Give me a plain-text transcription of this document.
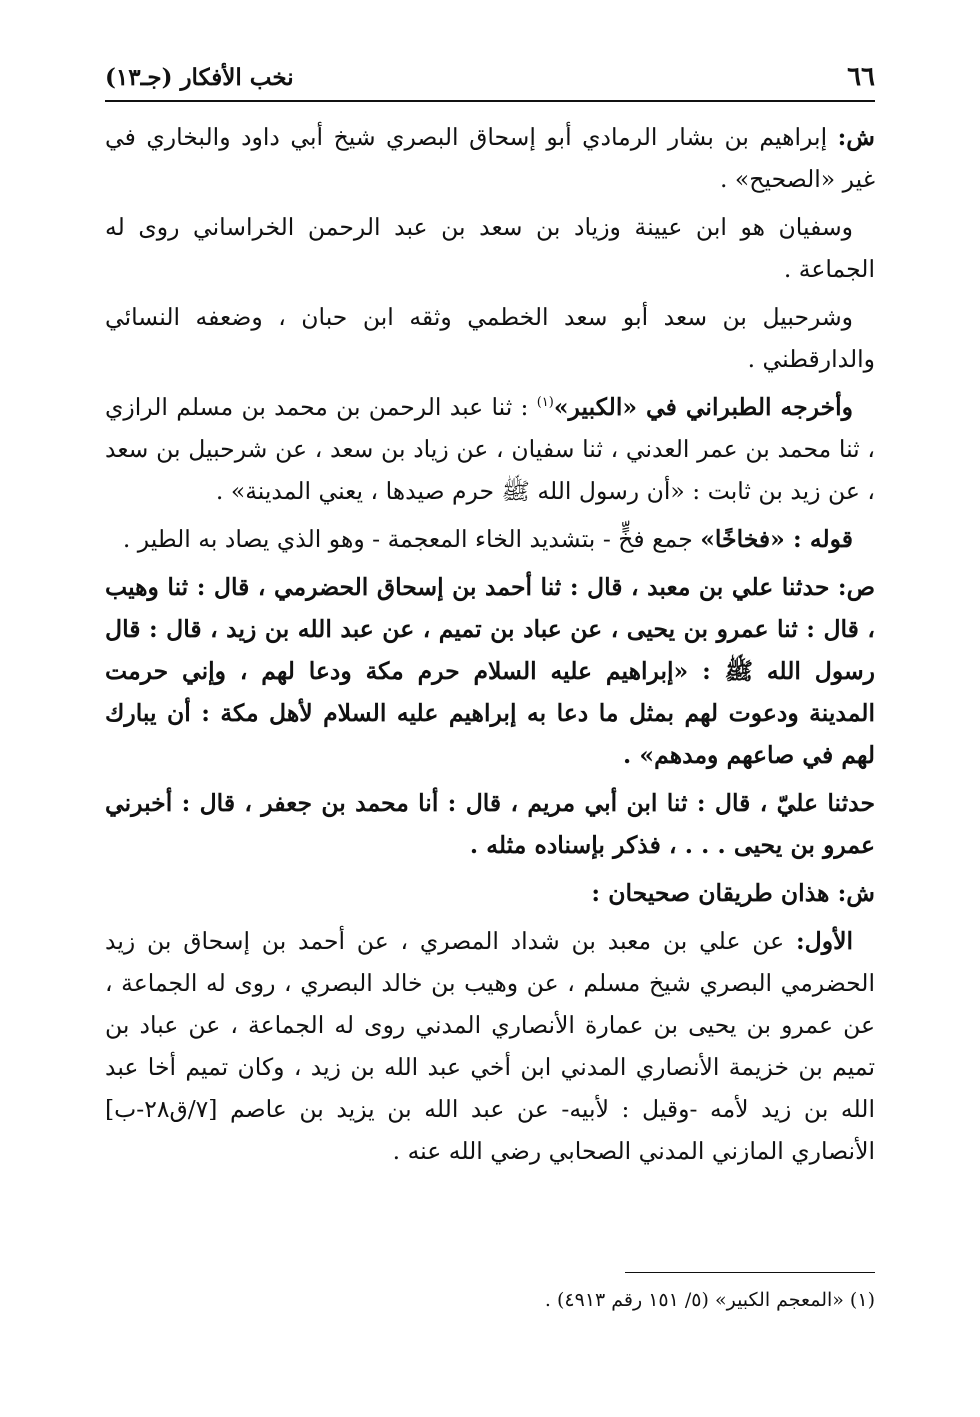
٦٦
نخب الأفكار (جـ١٣)

ش: إبراهيم بن بشار الرمادي أبو إسحاق البصري شيخ أبي داود والبخاري في غير «الصحيح» .

وسفيان هو ابن عيينة وزياد بن سعد بن عبد الرحمن الخراساني روى له الجماعة .

وشرحبيل بن سعد أبو سعد الخطمي وثقه ابن حبان ، وضعفه النسائي والدارقطني .

وأخرجه الطبراني في «الكبير»$^{(١)}$ : ثنا عبد الرحمن بن محمد بن مسلم الرازي ، ثنا محمد بن عمر العدني ، ثنا سفيان ، عن زياد بن سعد ، عن شرحبيل بن سعد ، عن زيد بن ثابت : «أن رسول الله ﷺ حرم صيدها ، يعني المدينة» .

قوله : «فخاخًا» جمع فخٍّ - بتشديد الخاء المعجمة - وهو الذي يصاد به الطير .

ص: حدثنا علي بن معبد ، قال : ثنا أحمد بن إسحاق الحضرمي ، قال : ثنا وهيب ، قال : ثنا عمرو بن يحيى ، عن عباد بن تميم ، عن عبد الله بن زيد ، قال : قال رسول الله ﷺ : «إبراهيم عليه السلام حرم مكة ودعا لهم ، وإني حرمت المدينة ودعوت لهم بمثل ما دعا به إبراهيم عليه السلام لأهل مكة : أن يبارك لهم في صاعهم ومدهم» .

حدثنا عليّ ، قال : ثنا ابن أبي مريم ، قال : أنا محمد بن جعفر ، قال : أخبرني عمرو بن يحيى . . . ، فذكر بإسناده مثله .

ش: هذان طريقان صحيحان :

الأول: عن علي بن معبد بن شداد المصري ، عن أحمد بن إسحاق بن زيد الحضرمي البصري شيخ مسلم ، عن وهيب بن خالد البصري ، روى له الجماعة ، عن عمرو بن يحيى بن عمارة الأنصاري المدني روى له الجماعة ، عن عباد بن تميم بن خزيمة الأنصاري المدني ابن أخي عبد الله بن زيد ، وكان تميم أخا عبد الله بن زيد لأمه -وقيل : لأبيه- عن عبد الله بن يزيد بن عاصم [٧/ق٢٨-ب] الأنصاري المازني المدني الصحابي رضي الله عنه .

(١) «المعجم الكبير» (٥/ ١٥١ رقم ٤٩١٣) .
